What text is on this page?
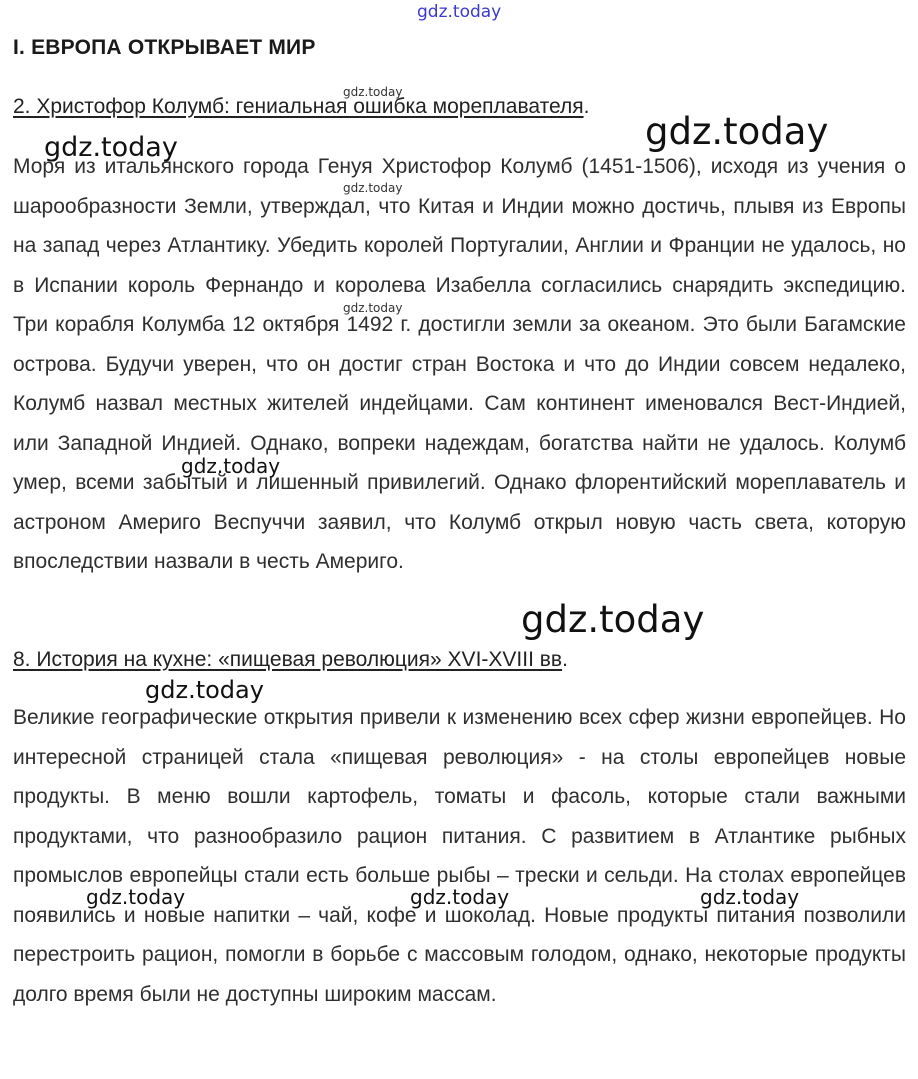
gdz.today
I. ЕВРОПА ОТКРЫВАЕТ МИР
2. Христофор Колумб: гениальная ошибка мореплавателя.

Моря из итальянского города Генуя Христофор Колумб (1451-1506), исходя из учения о шарообразности Земли, утверждал, что Китая и Индии можно достичь, плывя из Европы на запад через Атлантику. Убедить королей Португалии, Англии и Франции не удалось, но в Испании король Фернандо и королева Изабелла согласились снарядить экспедицию. Три корабля Колумба 12 октября 1492 г. достигли земли за океаном. Это были Багамские острова. Будучи уверен, что он достиг стран Востока и что до Индии совсем недалеко, Колумб назвал местных жителей индейцами. Сам континент именовался Вест-Индией, или Западной Индией. Однако, вопреки надеждам, богатства найти не удалось. Колумб умер, всеми забытый и лишенный привилегий. Однако флорентийский мореплаватель и астроном Америго Веспуччи заявил, что Колумб открыл новую часть света, которую впоследствии назвали в честь Америго.

8. История на кухне: «пищевая революция» XVI-XVIII вв.

Великие географические открытия привели к изменению всех сфер жизни европейцев. Но интересной страницей стала «пищевая революция» - на столы европейцев новые продукты. В меню вошли картофель, томаты и фасоль, которые стали важными продуктами, что разнообразило рацион питания. С развитием в Атлантике рыбных промыслов европейцы стали есть больше рыбы – трески и сельди. На столах европейцев появились и новые напитки – чай, кофе и шоколад. Новые продукты питания позволили перестроить рацион, помогли в борьбе с массовым голодом, однако, некоторые продукты долго время были не доступны широким массам.

gdz.today
gdz.today
gdz.today
gdz.today	gdz.today
gdz.today
gdz.today
gdz.today
gdz.today	gdz.today	gdz.today
